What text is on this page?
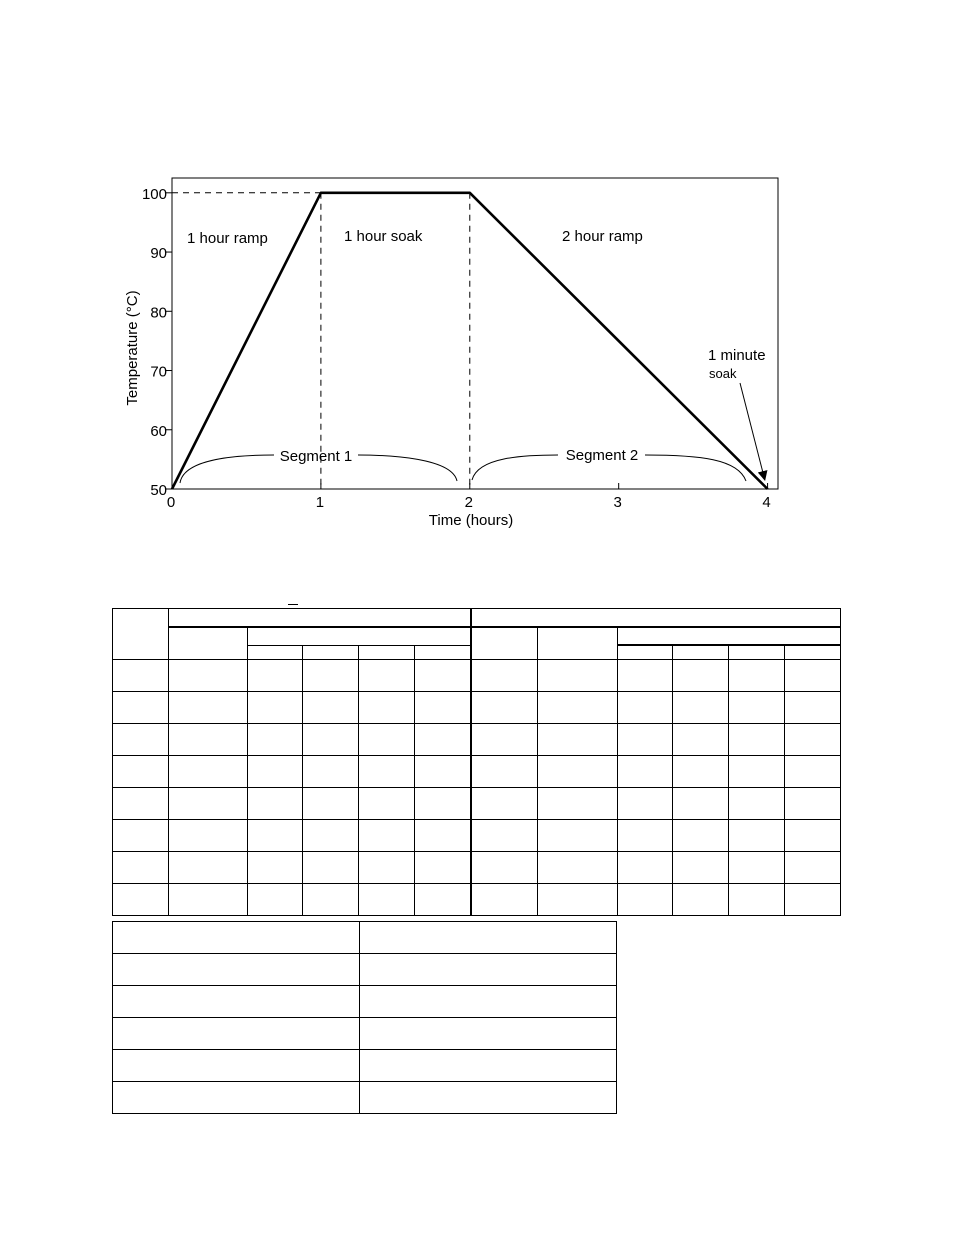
50
60
70
80
90
100
0	1	2	3	4
Temperature (°C)
Time (hours)
1 hour ramp	1 hour soak	2 hour ramp
1 minute
soak
Segment 1	Segment 2
